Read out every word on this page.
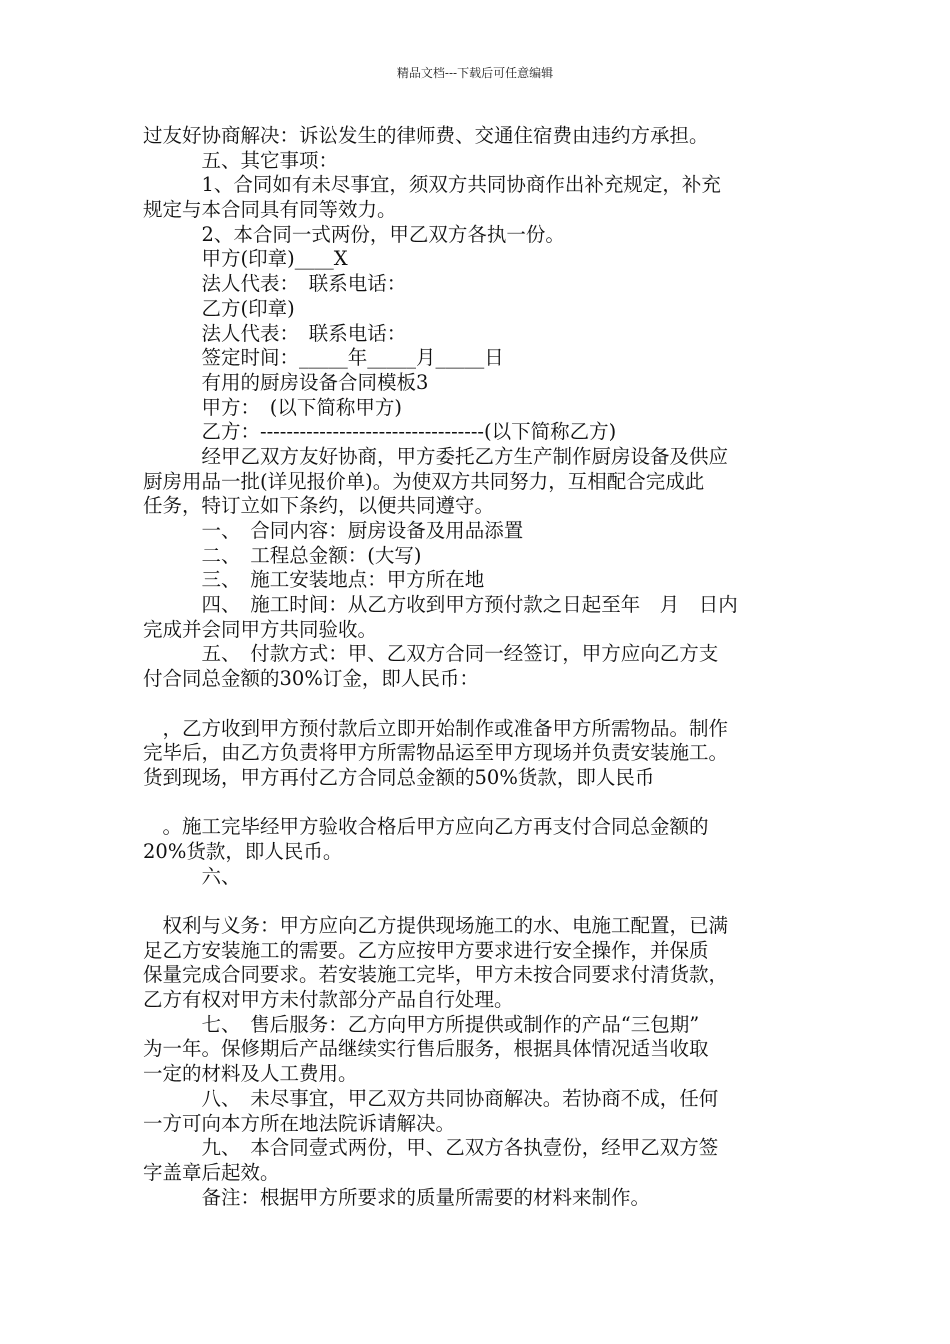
精品文档---下载后可任意编辑
过友好协商解决：诉讼发生的律师费、交通住宿费由违约方承担。
　　　五、其它事项：
　　　1、合同如有未尽事宜，须双方共同协商作出补充规定，补充
规定与本合同具有同等效力。
　　　2、本合同一式两份，甲乙双方各执一份。
　　　甲方(印章)____X
　　　法人代表：　联系电话：
　　　乙方(印章)
　　　法人代表：　联系电话：
　　　签定时间：_____年_____月_____日
　　　有用的厨房设备合同模板3
　　　甲方：　(以下简称甲方)
　　　乙方：----------------------------------(以下简称乙方)
　　　经甲乙双方友好协商，甲方委托乙方生产制作厨房设备及供应
厨房用品一批(详见报价单)。为使双方共同努力，互相配合完成此
任务，特订立如下条约，以便共同遵守。
　　　一、　合同内容：厨房设备及用品添置
　　　二、　工程总金额：(大写)
　　　三、　施工安装地点：甲方所在地
　　　四、　施工时间：从乙方收到甲方预付款之日起至年　月　日内
完成并会同甲方共同验收。
　　　五、　付款方式：甲、乙双方合同一经签订，甲方应向乙方支
付合同总金额的30%订金，即人民币：
　，乙方收到甲方预付款后立即开始制作或准备甲方所需物品。制作
完毕后，由乙方负责将甲方所需物品运至甲方现场并负责安装施工。
货到现场，甲方再付乙方合同总金额的50%货款，即人民币
　。施工完毕经甲方验收合格后甲方应向乙方再支付合同总金额的
20%货款，即人民币。
　　　六、
　权利与义务：甲方应向乙方提供现场施工的水、电施工配置，已满
足乙方安装施工的需要。乙方应按甲方要求进行安全操作，并保质
保量完成合同要求。若安装施工完毕，甲方未按合同要求付清货款，
乙方有权对甲方未付款部分产品自行处理。
　　　七、　售后服务：乙方向甲方所提供或制作的产品“三包期”
为一年。保修期后产品继续实行售后服务，根据具体情况适当收取
一定的材料及人工费用。
　　　八、　未尽事宜，甲乙双方共同协商解决。若协商不成，任何
一方可向本方所在地法院诉请解决。
　　　九、　本合同壹式两份，甲、乙双方各执壹份，经甲乙双方签
字盖章后起效。
　　　备注：根据甲方所要求的质量所需要的材料来制作。
